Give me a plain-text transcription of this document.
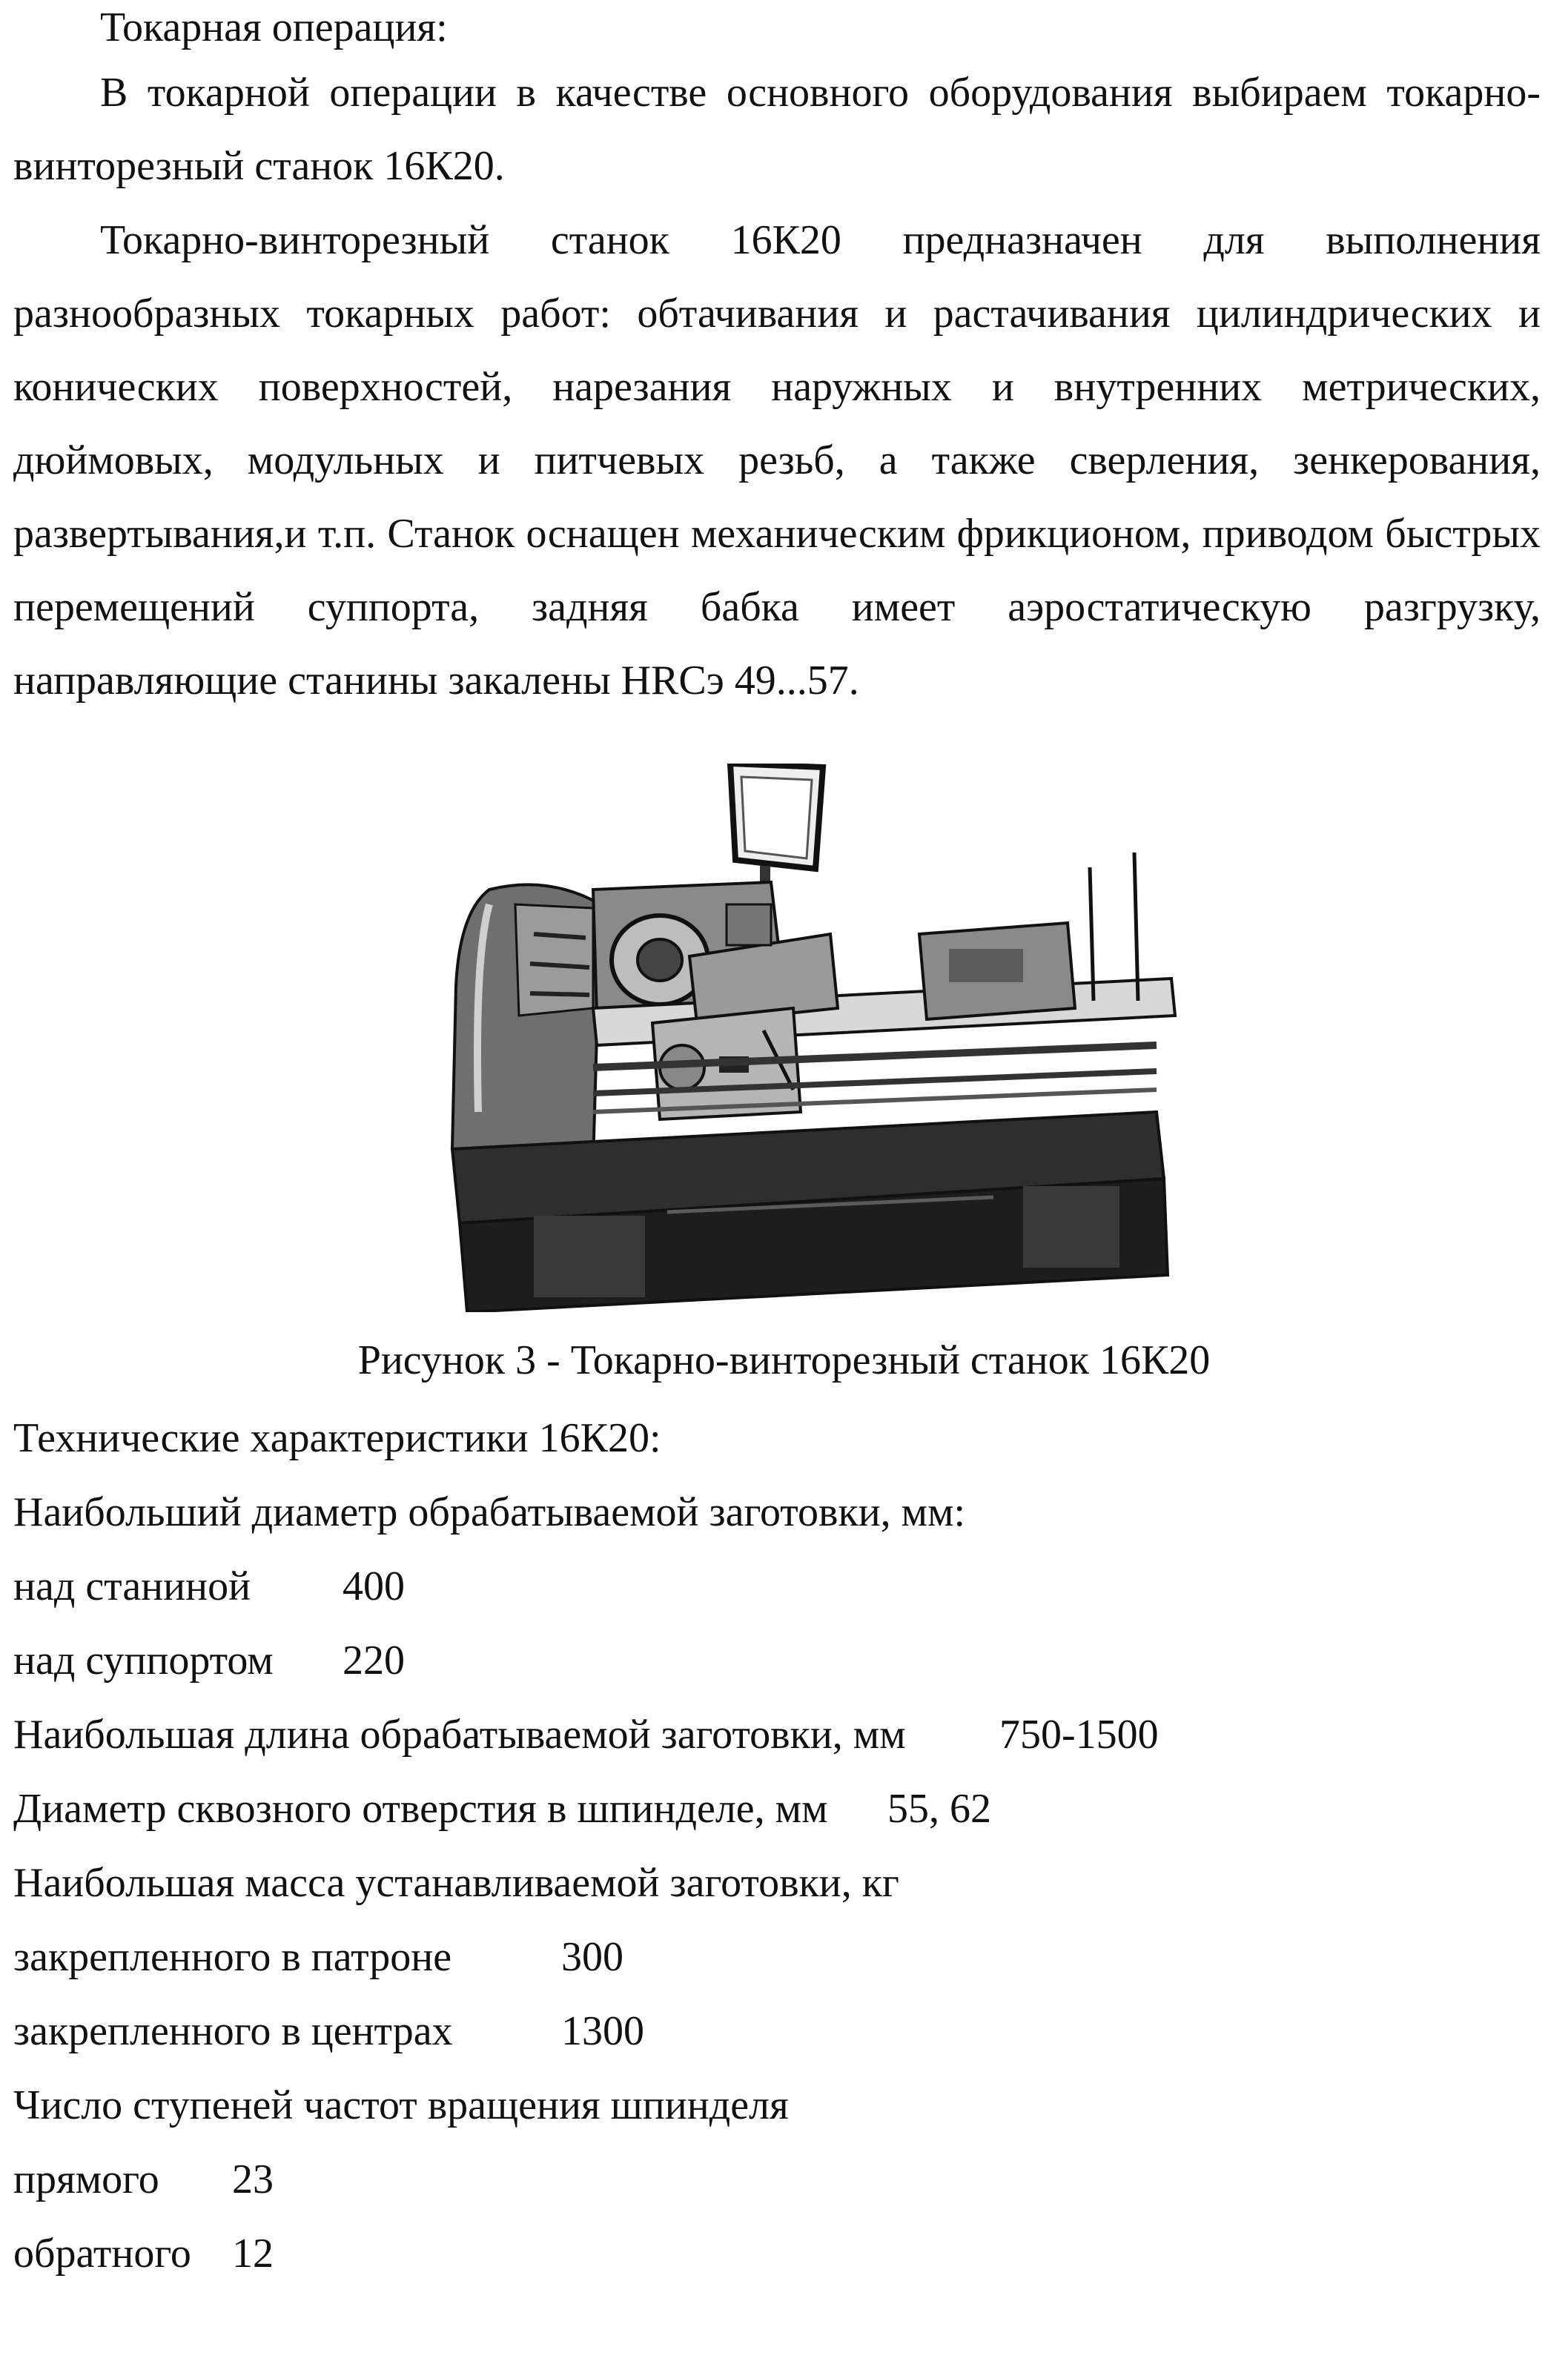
Токарная операция:

В токарной операции в качестве основного оборудования выбираем токарно-винторезный станок 16К20.

Токарно-винторезный станок 16К20 предназначен для выполнения разнообразных токарных работ: обтачивания и растачивания цилиндрических и конических поверхностей, нарезания наружных и внутренних метрических, дюймовых, модульных и питчевых резьб, а также сверления, зенкерования, развертывания,и т.п. Станок оснащен механическим фрикционом, приводом быстрых перемещений суппорта, задняя бабка имеет аэростатическую разгрузку, направляющие станины закалены HRCэ 49...57.

Рисунок 3 - Токарно-винторезный станок 16К20
Технические характеристики 16К20:
Наибольший диаметр обрабатываемой заготовки, мм:
над станиной 400
над суппортом 220
Наибольшая длина обрабатываемой заготовки, мм 750-1500
Диаметр сквозного отверстия в шпинделе, мм 55, 62
Наибольшая масса устанавливаемой заготовки, кг
закрепленного в патроне	300
закрепленного в центрах	1300
Число ступеней частот вращения шпинделя
прямого 23
обратного 12
